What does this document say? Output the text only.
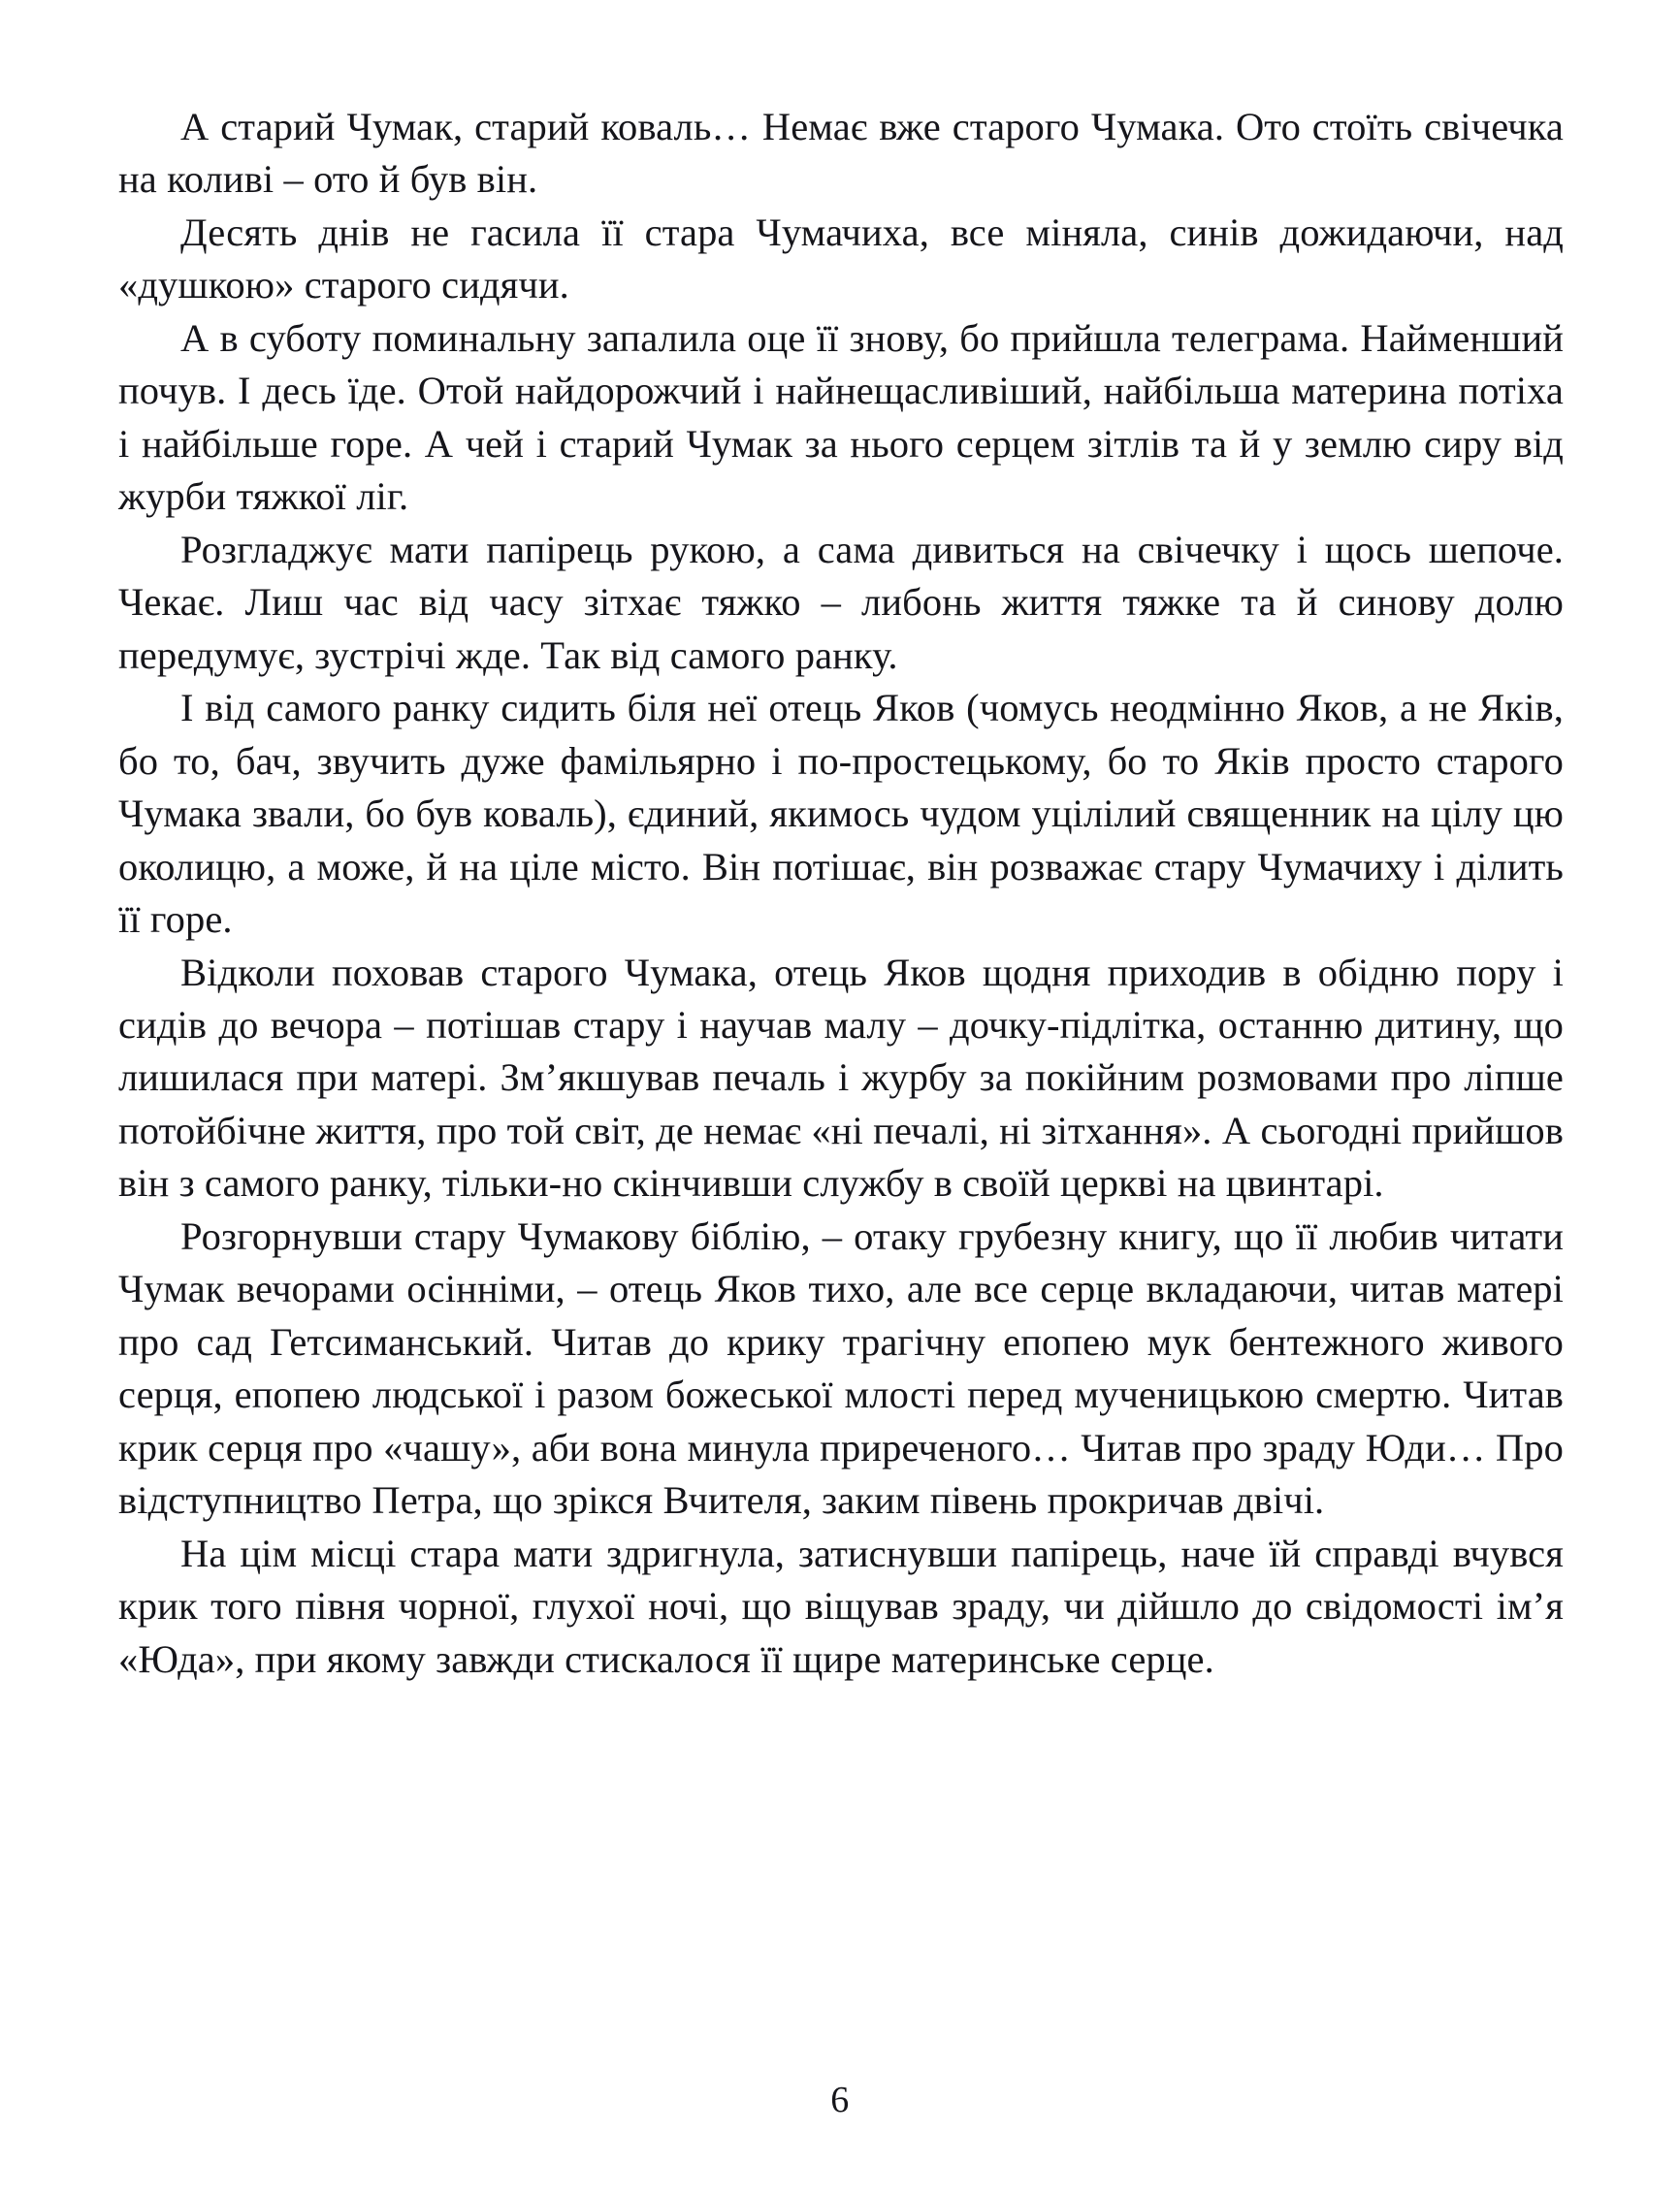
А старий Чумак, старий коваль… Немає вже старого Чумака. Ото стоїть свічечка на коливі – ото й був він.

Десять днів не гасила її стара Чумачиха, все міняла, синів дожидаючи, над «душкою» старого сидячи.

А в суботу поминальну запалила оце її знову, бо прийшла телеграма. Найменший почув. І десь їде. Отой найдорожчий і найнещасливіший, найбільша материна потіха і найбільше горе. А чей і старий Чумак за нього серцем зітлів та й у землю сиру від журби тяжкої ліг.

Розгладжує мати папірець рукою, а сама дивиться на свічечку і щось шепоче. Чекає. Лиш час від часу зітхає тяжко – либонь життя тяжке та й синову долю передумує, зустрічі жде. Так від самого ранку.

І від самого ранку сидить біля неї отець Яков (чомусь неодмінно Яков, а не Яків, бо то, бач, звучить дуже фамільярно і по-простецькому, бо то Яків просто старого Чумака звали, бо був коваль), єдиний, якимось чудом уцілілий священник на цілу цю околицю, а може, й на ціле місто. Він потішає, він розважає стару Чумачиху і ділить її горе.

Відколи поховав старого Чумака, отець Яков щодня приходив в обідню пору і сидів до вечора – потішав стару і научав малу – дочку-підлітка, останню дитину, що лишилася при матері. Зм’якшував печаль і журбу за покійним розмовами про ліпше потойбічне життя, про той світ, де немає «ні печалі, ні зітхання». А сьогодні прийшов він з самого ранку, тільки-но скінчивши службу в своїй церкві на цвинтарі.

Розгорнувши стару Чумакову біблію, – отаку грубезну книгу, що її любив читати Чумак вечорами осінніми, – отець Яков тихо, але все серце вкладаючи, читав матері про сад Гетсиманський. Читав до крику трагічну епопею мук бентежного живого серця, епопею людської і разом божеської млості перед мученицькою смертю. Читав крик серця про «чашу», аби вона минула приреченого… Читав про зраду Юди… Про відступництво Петра, що зрікся Вчителя, заким півень прокричав двічі.

На цім місці стара мати здригнула, затиснувши папірець, наче їй справді вчувся крик того півня чорної, глухої ночі, що віщував зраду, чи дійшло до свідомості ім’я «Юда», при якому завжди стискалося її щире материнське серце.

6
